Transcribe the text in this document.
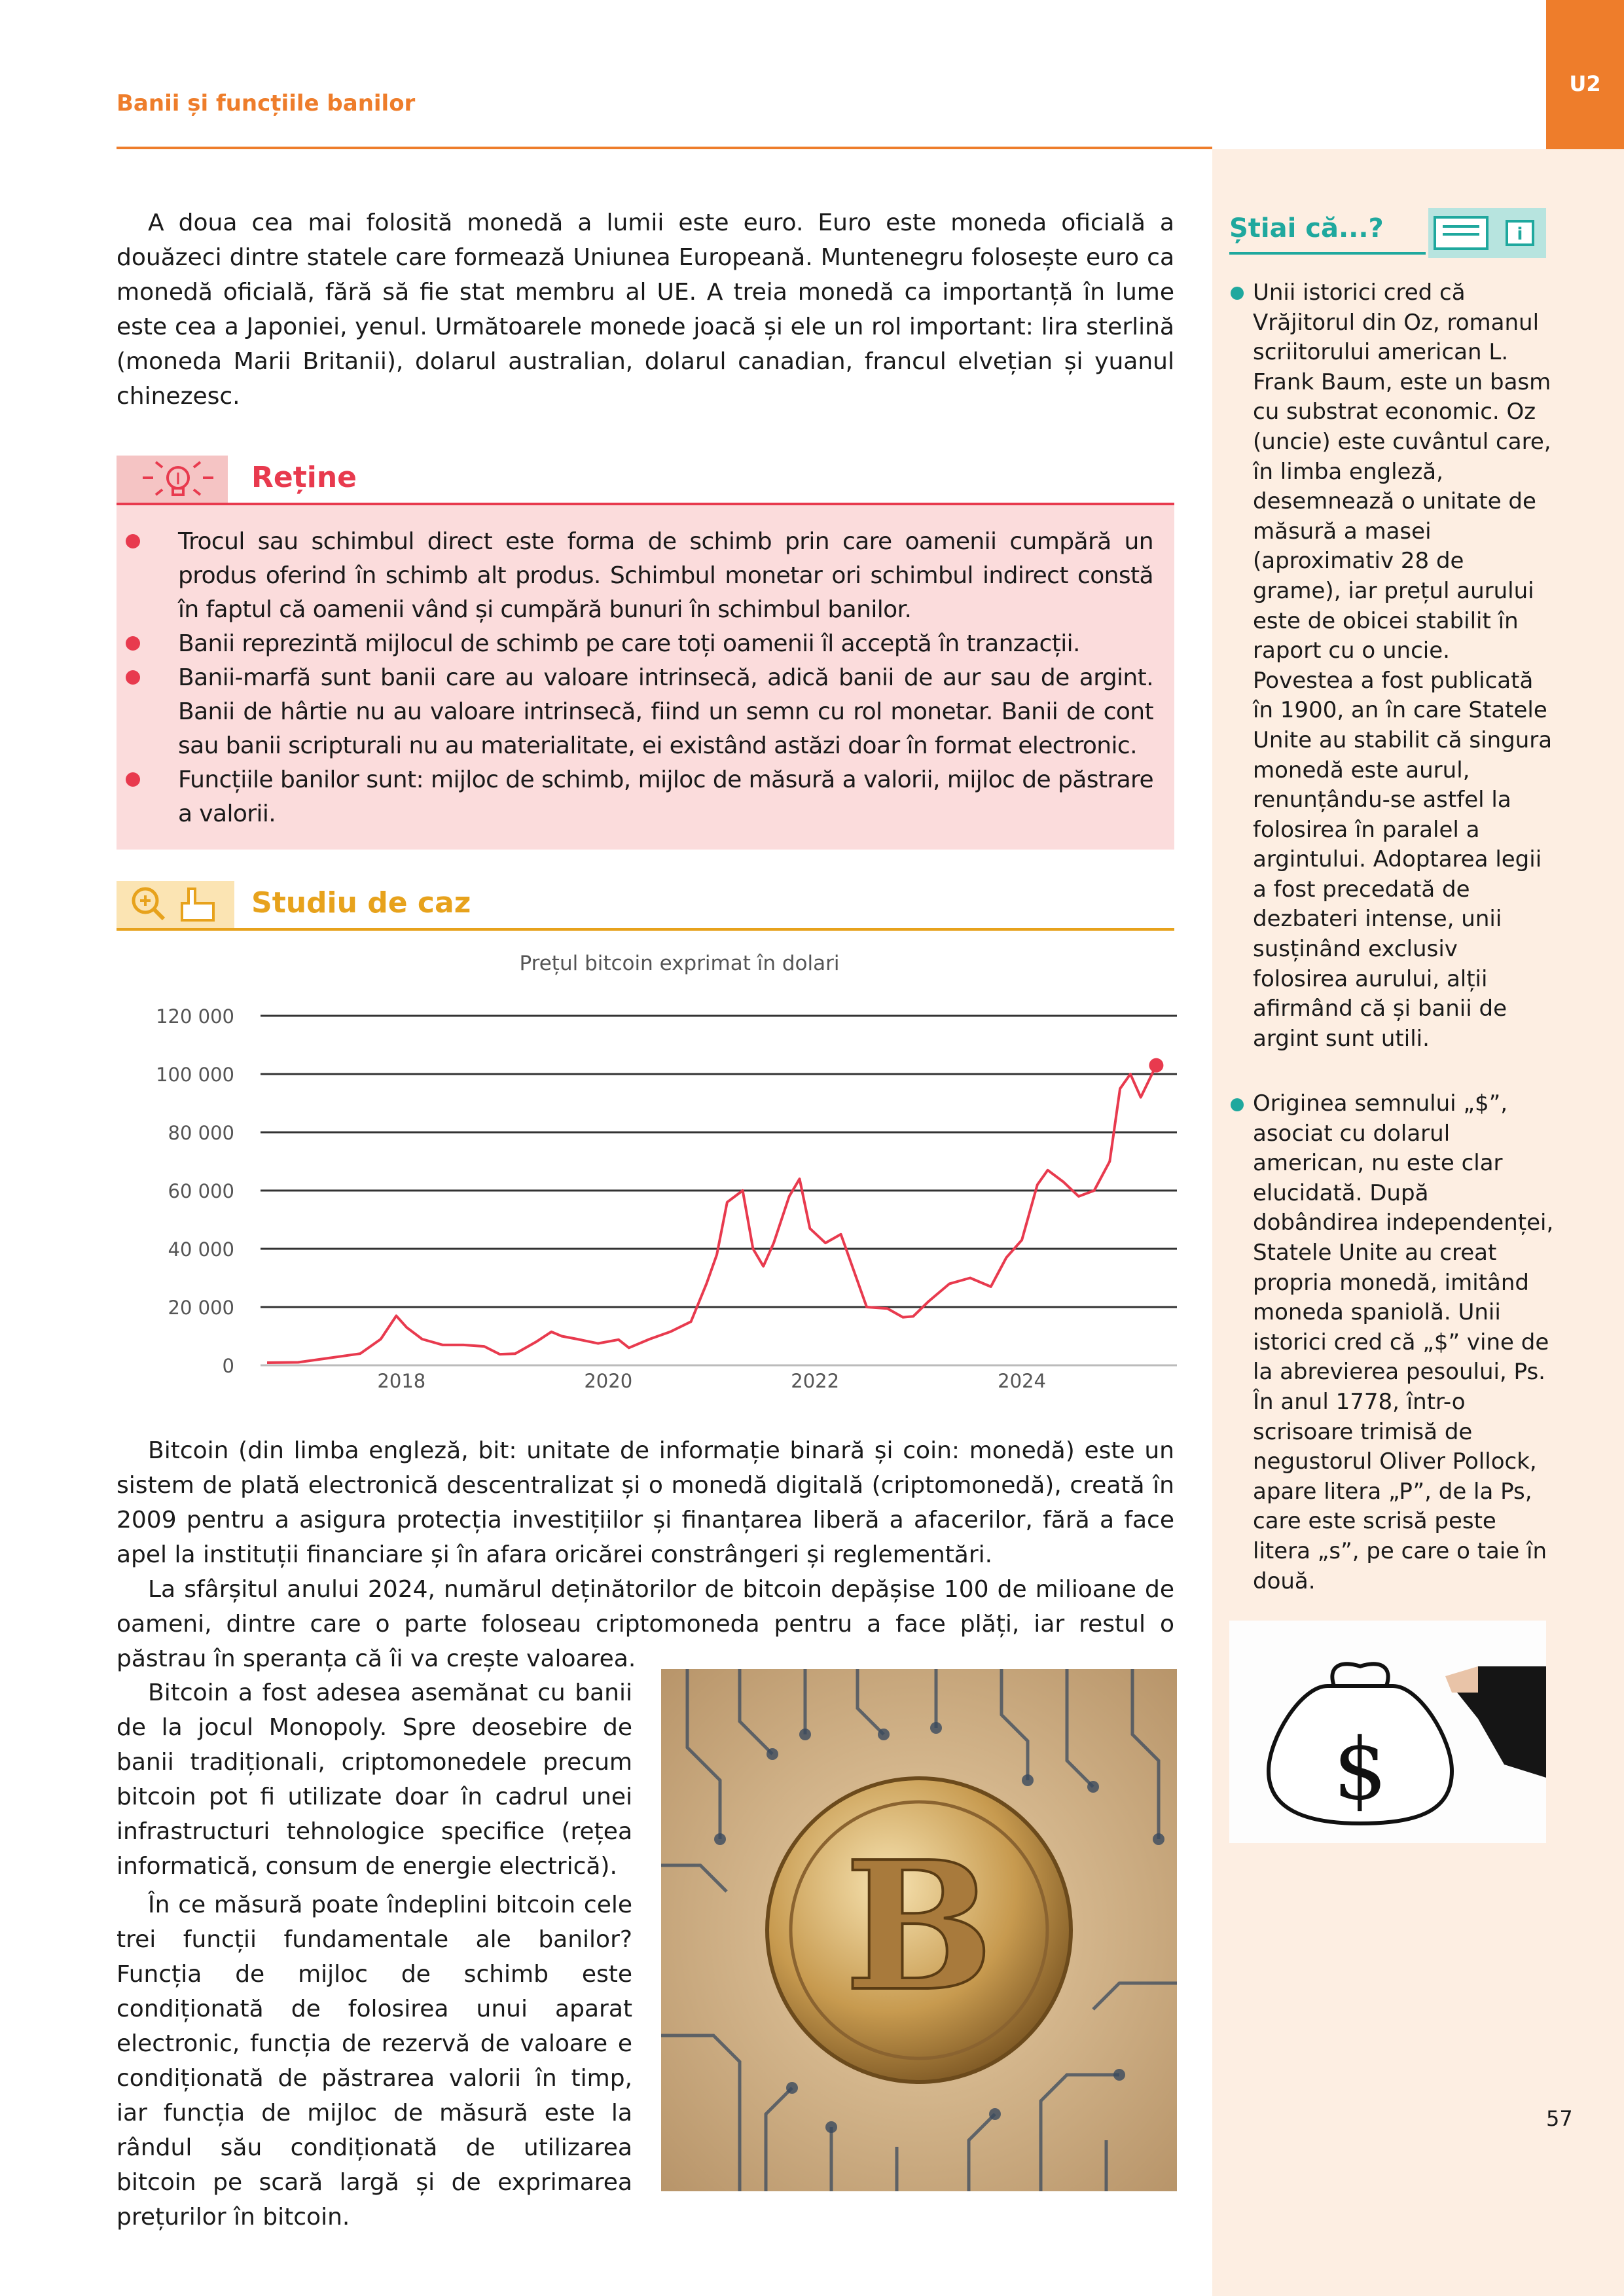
U2
Banii și funcțiile banilor

A doua cea mai folosită monedă a lumii este euro. Euro este moneda oficială a douăzeci dintre statele care formează Uniunea Europeană. Muntenegru folosește euro ca monedă oficială, fără să fie stat membru al UE. A treia monedă ca importanță în lume este cea a Japoniei, yenul. Următoarele monede joacă și ele un rol important: lira sterlină (moneda Marii Britanii), dolarul australian, dolarul canadian, francul elvețian și yuanul chinezesc.

Reține
Trocul sau schimbul direct este forma de schimb prin care oamenii cumpără un produs oferind în schimb alt produs. Schimbul monetar ori schimbul indirect constă în faptul că oamenii vând și cumpără bunuri în schimbul banilor.
Banii reprezintă mijlocul de schimb pe care toți oamenii îl acceptă în tranzacții.
Banii-marfă sunt banii care au valoare intrinsecă, adică banii de aur sau de argint. Banii de hârtie nu au valoare intrinsecă, fiind un semn cu rol monetar. Banii de cont sau banii scripturali nu au materialitate, ei existând astăzi doar în format electronic.
Funcțiile banilor sunt: mijloc de schimb, mijloc de măsură a valorii, mijloc de păstrare a valorii.
Studiu de caz
Prețul bitcoin exprimat în dolari
120 000
100 000
80 000
60 000
40 000
20 000
0
2018	2020	2022	2024

Bitcoin (din limba engleză, bit: unitate de informație binară și coin: monedă) este un sistem de plată electronică descentralizat și o monedă digitală (criptomonedă), creată în 2009 pentru a asigura protecția investițiilor și finanțarea liberă a afacerilor, fără a face apel la instituții financiare și în afara oricărei constrângeri și reglementări.

La sfârșitul anului 2024, numărul deținătorilor de bitcoin depășise 100 de milioane de oameni, dintre care o parte foloseau criptomoneda pentru a face plăți, iar restul o păstrau în speranța că îi va crește valoarea.

Bitcoin a fost adesea asemănat cu banii de la jocul Monopoly. Spre deosebire de banii tradiționali, criptomonedele precum bitcoin pot fi utilizate doar în cadrul unei infrastructuri tehnologice specifice (rețea informatică, consum de energie electrică).

În ce măsură poate îndeplini bitcoin cele trei funcții fundamentale ale banilor? Funcția de mijloc de schimb este condiționată de folosirea unui aparat electronic, funcția de rezervă de valoare e condiționată de păstrarea valorii în timp, iar funcția de mijloc de măsură este la rândul său condiționată de utilizarea bitcoin pe scară largă și de exprimarea prețurilor în bitcoin.

B
Știai că...?	i
Unii istorici cred că Vrăjitorul din Oz, romanul scriitorului american L. Frank Baum, este un basm cu substrat economic. Oz (uncie) este cuvântul care, în limba engleză, desemnează o unitate de măsură a masei (aproximativ 28 de grame), iar prețul aurului este de obicei stabilit în raport cu o uncie. Povestea a fost publicată în 1900, an în care Statele Unite au stabilit că singura monedă este aurul, renunțându-se astfel la folosirea în paralel a argintului. Adoptarea legii a fost precedată de dezbateri intense, unii susținând exclusiv folosirea aurului, alții afirmând că și banii de argint sunt utili.
Originea semnului „$”, asociat cu dolarul american, nu este clar elucidată. După dobândirea independenței, Statele Unite au creat propria monedă, imitând moneda spaniolă. Unii istorici cred că „$” vine de la abrevierea pesoului, Ps. În anul 1778, într-o scrisoare trimisă de negustorul Oliver Pollock, apare litera „P”, de la Ps, care este scrisă peste litera „s”, pe care o taie în două.
$
57
